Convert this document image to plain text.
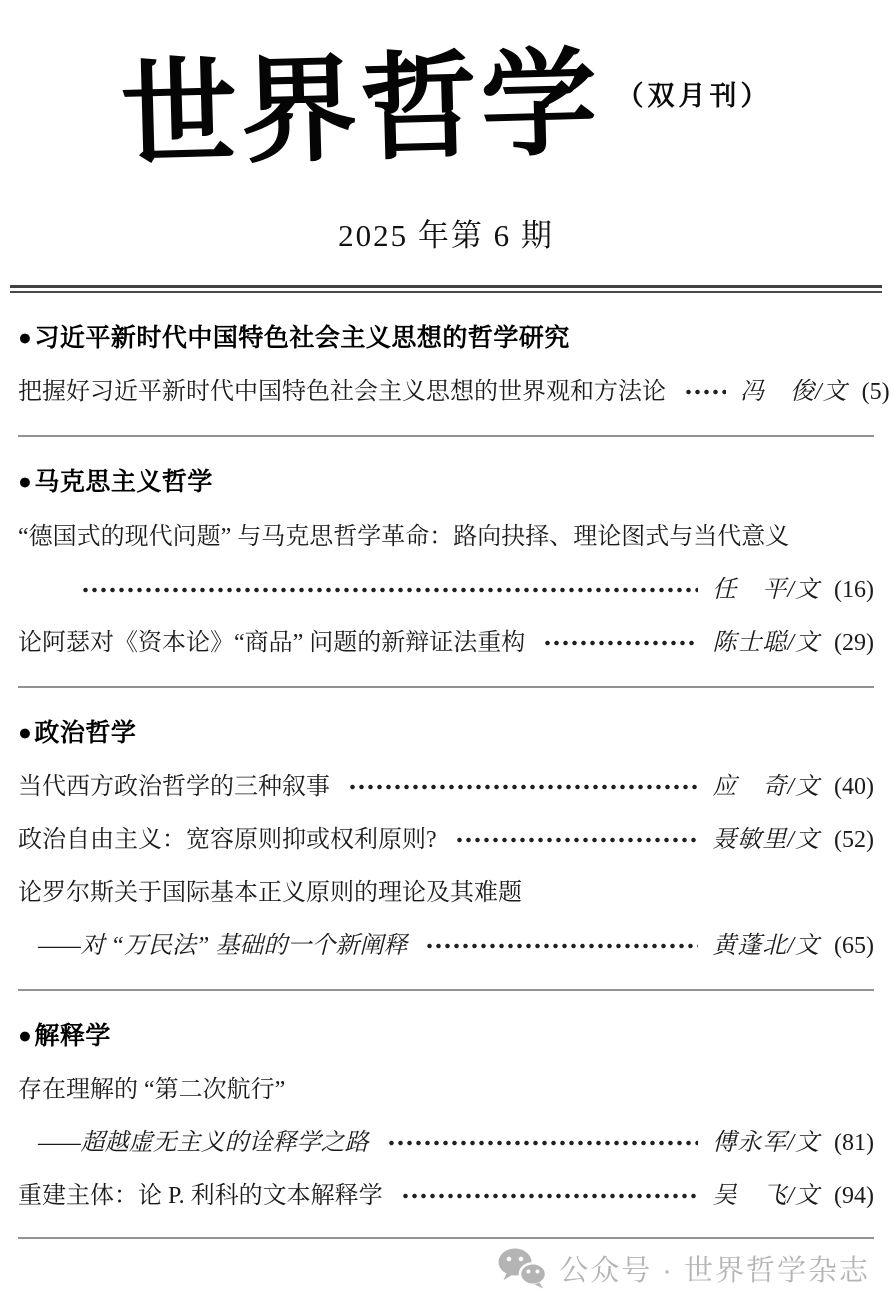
世界哲学 （双月刊）
2025 年第 6 期
●习近平新时代中国特色社会主义思想的哲学研究
把握好习近平新时代中国特色社会主义思想的世界观和方法论	冯　俊/文 (5)
●马克思主义哲学
“德国式的现代问题” 与马克思哲学革命：路向抉择、理论图式与当代意义
任　平/文 (16)
论阿瑟对《资本论》“商品” 问题的新辩证法重构	陈士聪/文 (29)
●政治哲学
当代西方政治哲学的三种叙事	应　奇/文 (40)
政治自由主义：宽容原则抑或权利原则?	聂敏里/文 (52)
论罗尔斯关于国际基本正义原则的理论及其难题
——对 “万民法” 基础的一个新阐释	黄蓬北/文 (65)
●解释学
存在理解的 “第二次航行”
——超越虚无主义的诠释学之路	傅永军/文 (81)
重建主体：论 P. 利科的文本解释学	吴　飞/文 (94)
公众号 · 世界哲学杂志
